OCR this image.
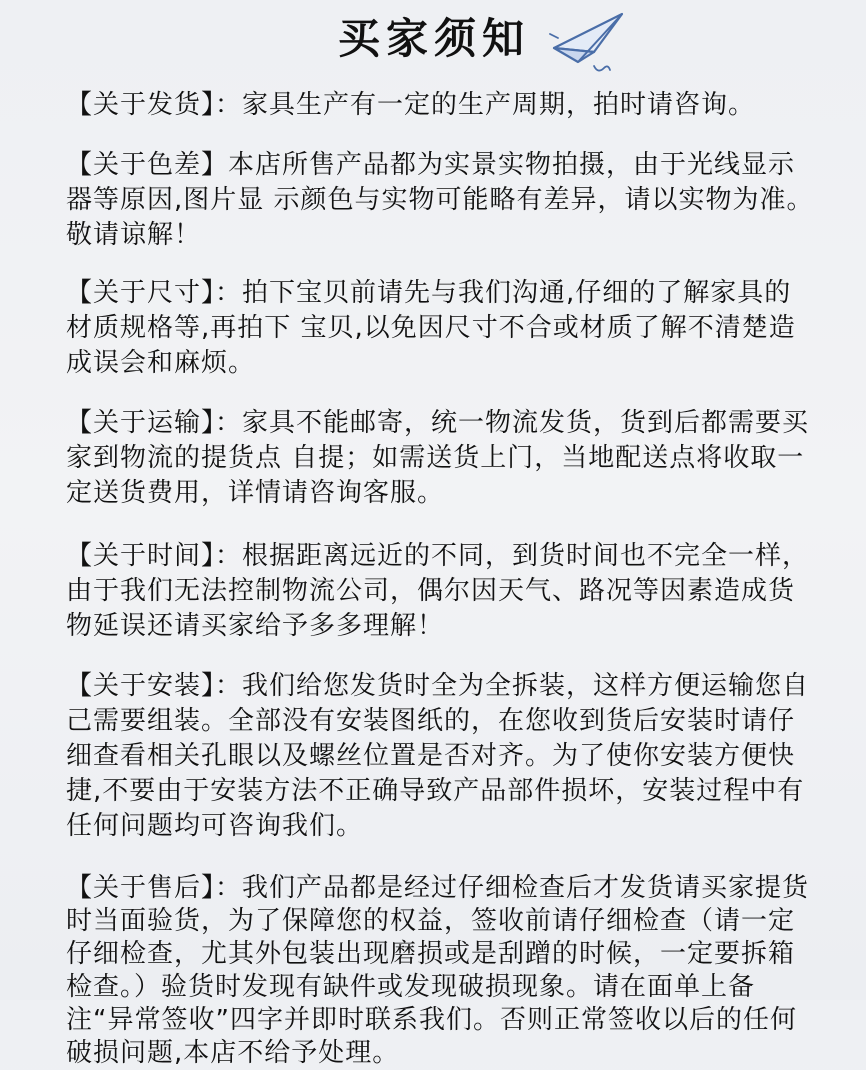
买家须知

【关于发货】：家具生产有一定的生产周期，拍时请咨询。

【关于色差】本店所售产品都为实景实物拍摄，由于光线显示器等原因,图片显 示颜色与实物可能略有差异，请以实物为准。敬请谅解！

【关于尺寸】：拍下宝贝前请先与我们沟通,仔细的了解家具的材质规格等,再拍下 宝贝,以免因尺寸不合或材质了解不清楚造成误会和麻烦。

【关于运输】：家具不能邮寄，统一物流发货，货到后都需要买家到物流的提货点 自提；如需送货上门，当地配送点将收取一定送货费用，详情请咨询客服。

【关于时间】：根据距离远近的不同，到货时间也不完全一样，由于我们无法控制物流公司，偶尔因天气、路况等因素造成货物延误还请买家给予多多理解！

【关于安装】：我们给您发货时全为全拆装，这样方便运输您自己需要组装。全部没有安装图纸的，在您收到货后安装时请仔细查看相关孔眼以及螺丝位置是否对齐。为了使你安装方便快捷,不要由于安装方法不正确导致产品部件损坏，安装过程中有任何问题均可咨询我们。

【关于售后】：我们产品都是经过仔细检查后才发货请买家提货时当面验货，为了保障您的权益，签收前请仔细检查（请一定仔细检查，尤其外包装出现磨损或是刮蹭的时候，一定要拆箱检查。）验货时发现有缺件或发现破损现象。请在面单上备注“异常签收”四字并即时联系我们。否则正常签收以后的任何破损问题,本店不给予处理。
